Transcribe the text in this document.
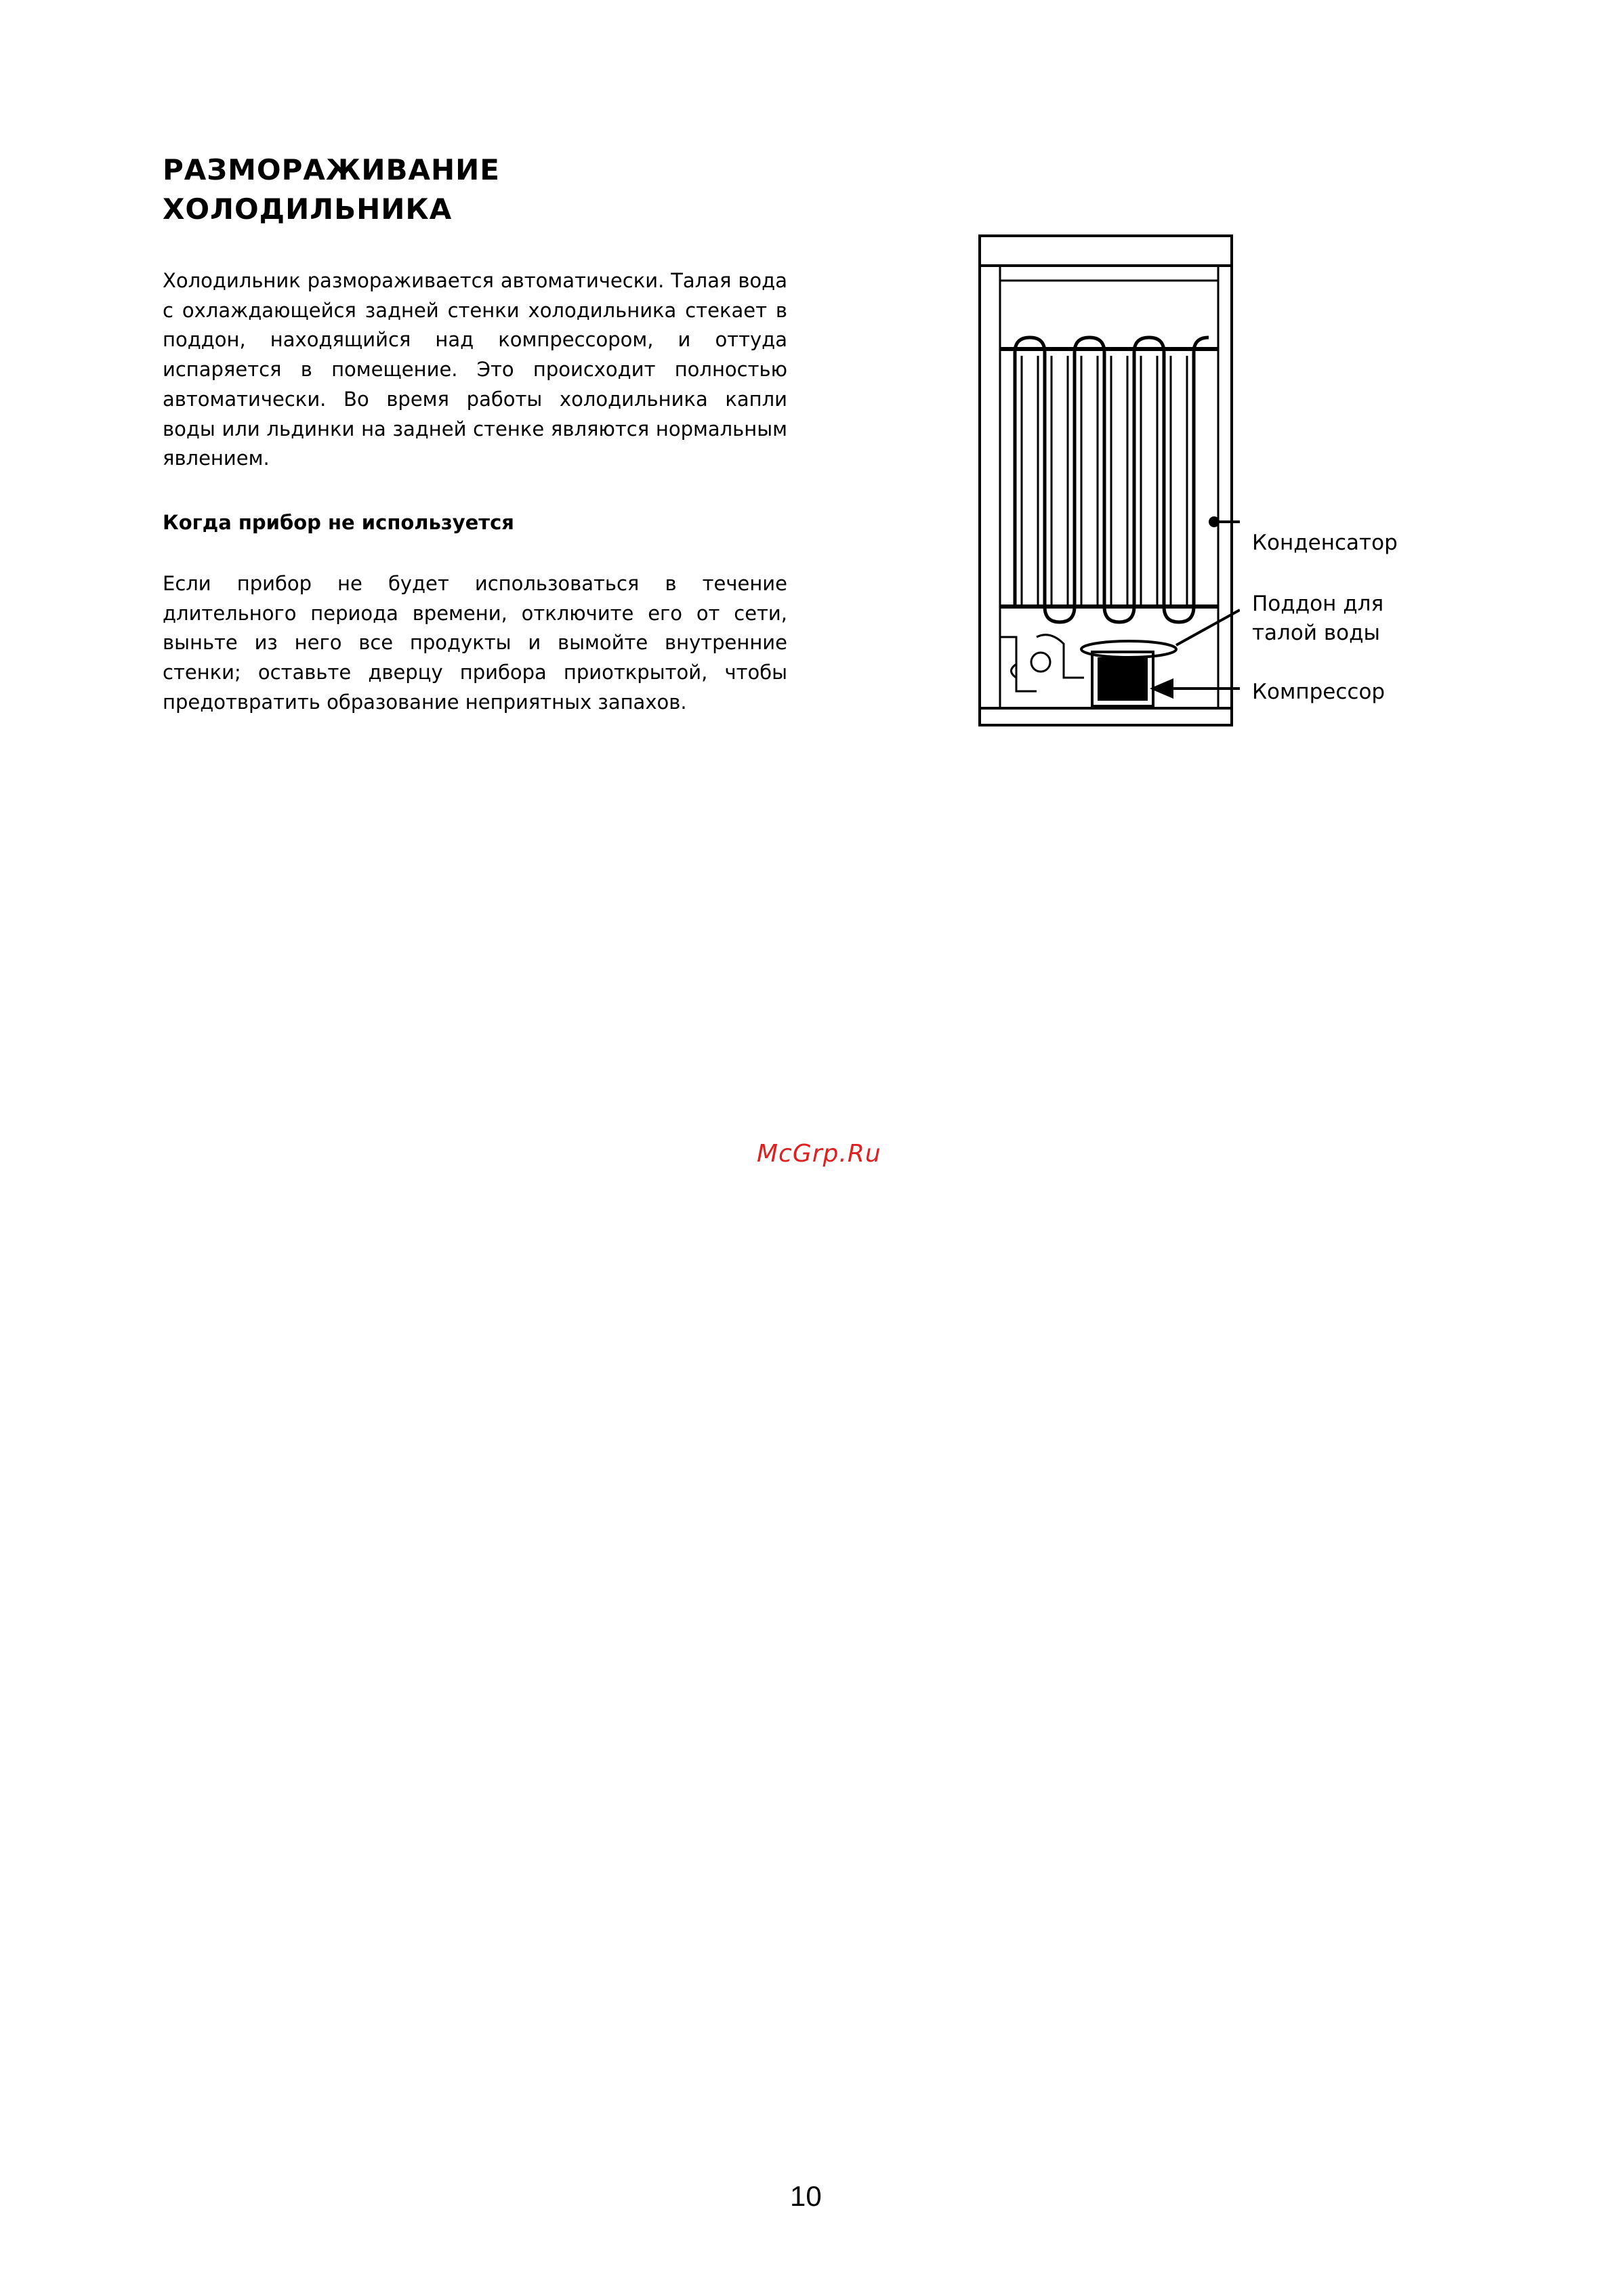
РАЗМОРАЖИВАНИЕ
ХОЛОДИЛЬНИКА

Холодильник размораживается автоматически. Талая вода с охлаждающейся задней стенки холодильника стекает в поддон, находящийся над компрессором, и оттуда испаряется в помещение. Это происходит полностью автоматически. Во время работы холодильника капли воды или льдинки на задней стенке являются нормальным явлением.

Когда прибор не используется

Если прибор не будет использоваться в течение длительного периода времени, отключите его от сети, выньте из него все продукты и вымойте внутренние стенки; оставьте дверцу прибора приоткрытой, чтобы предотвратить образование неприятных запахов.

Конденсатор
Поддон для
талой воды
Компрессор
McGrp.Ru
10
